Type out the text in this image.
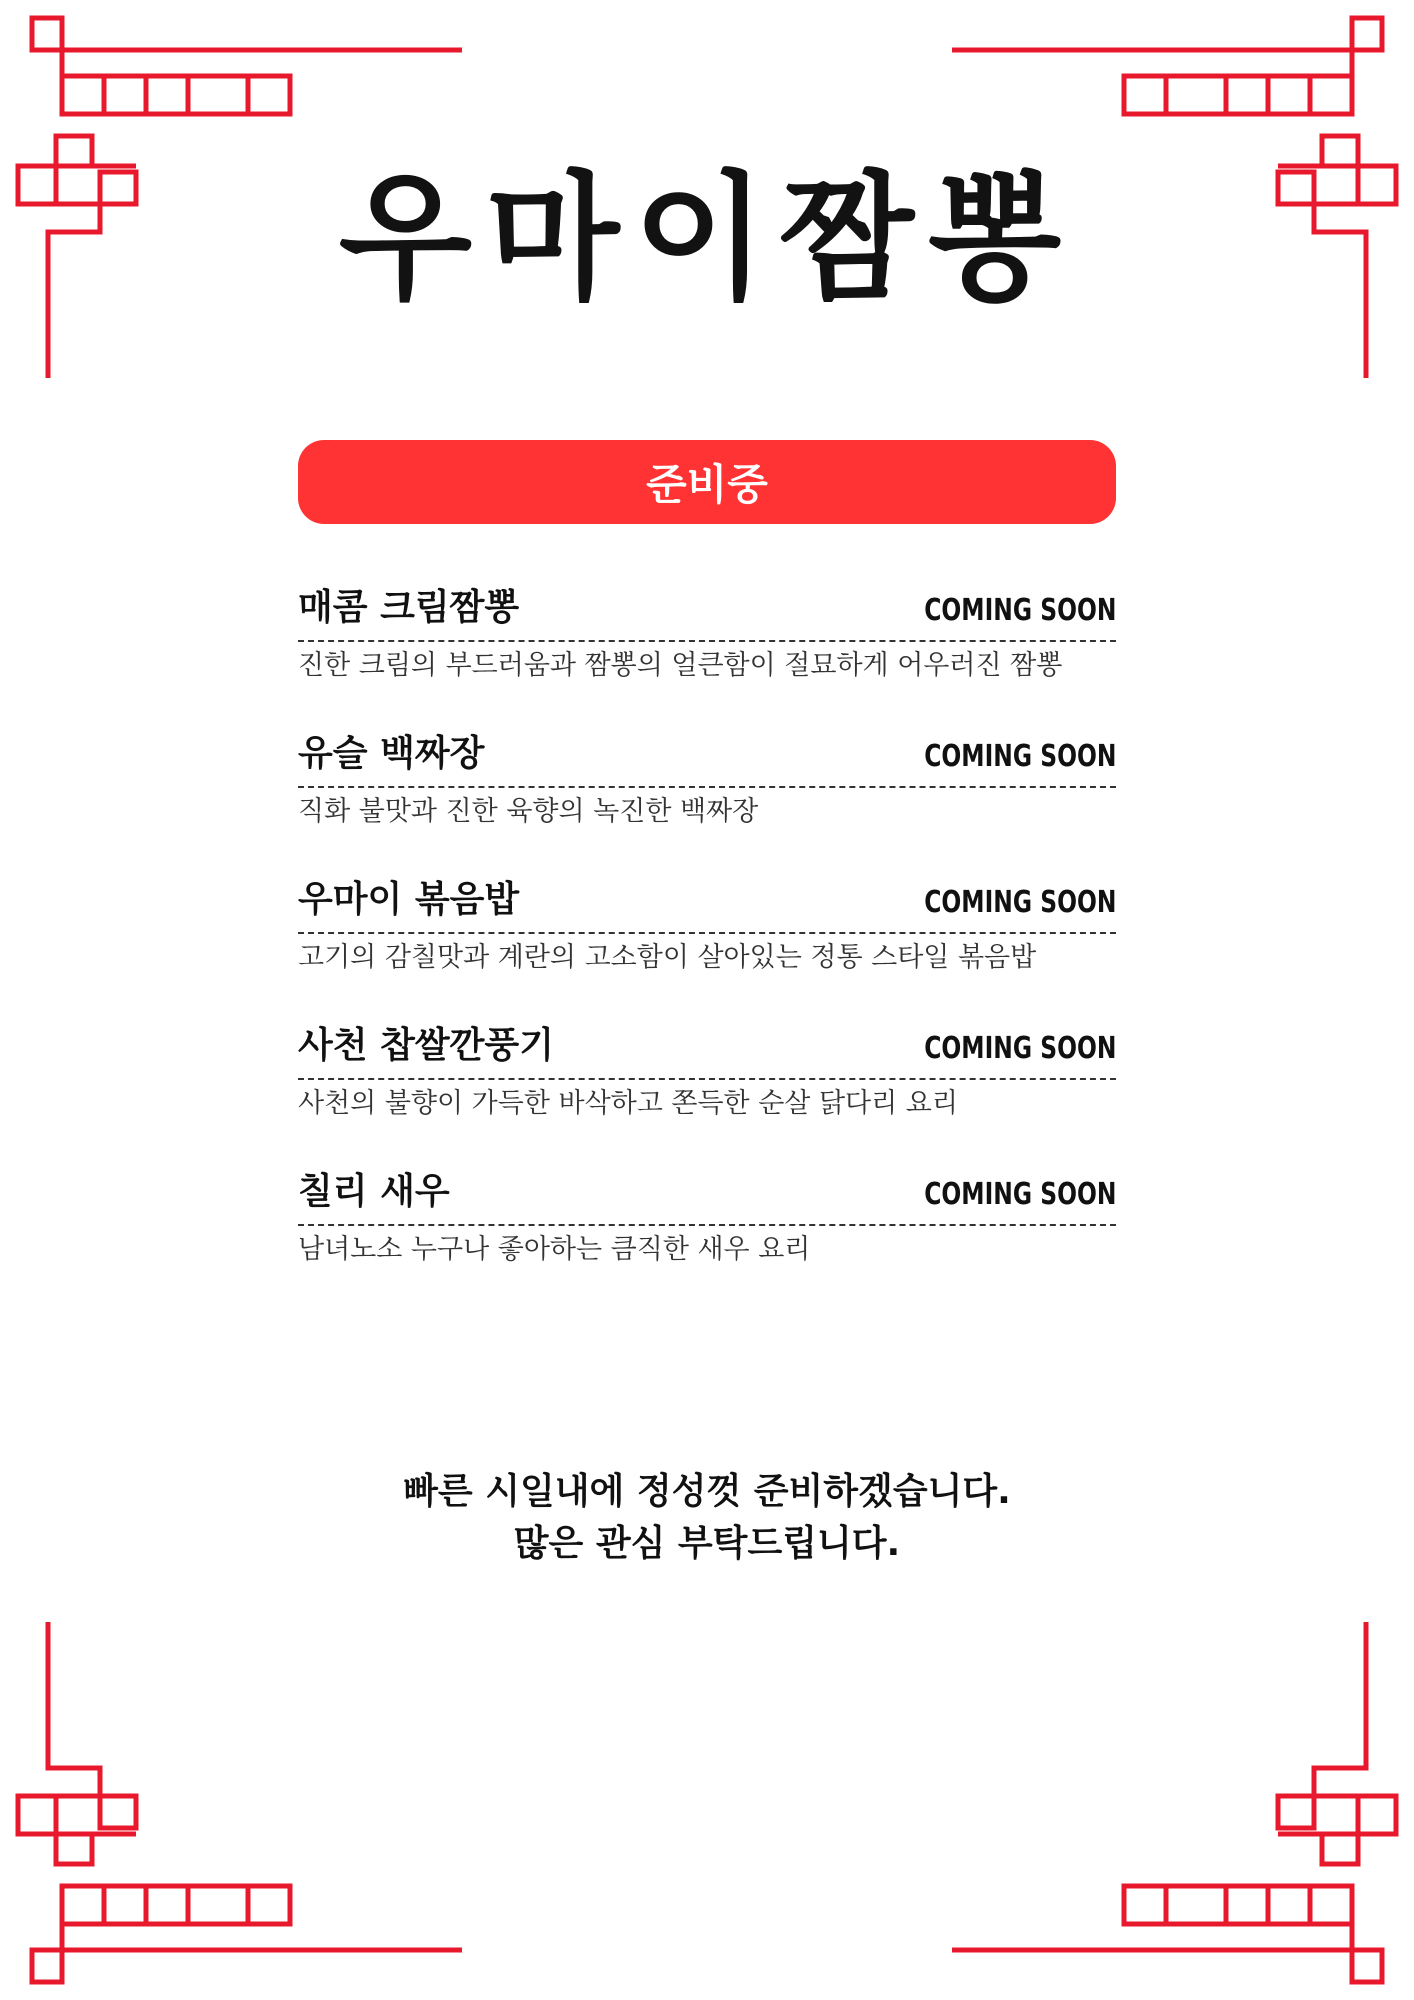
우마이짬뽕
준비중
매콤 크림짬뽕	COMING SOON
진한 크림의 부드러움과 짬뽕의 얼큰함이 절묘하게 어우러진 짬뽕
유슬 백짜장	COMING SOON
직화 불맛과 진한 육향의 녹진한 백짜장
우마이 볶음밥	COMING SOON
고기의 감칠맛과 계란의 고소함이 살아있는 정통 스타일 볶음밥
사천 찹쌀깐풍기	COMING SOON
사천의 불향이 가득한 바삭하고 쫀득한 순살 닭다리 요리
칠리 새우	COMING SOON
남녀노소 누구나 좋아하는 큼직한 새우 요리
빠른 시일내에 정성껏 준비하겠습니다.
많은 관심 부탁드립니다.
